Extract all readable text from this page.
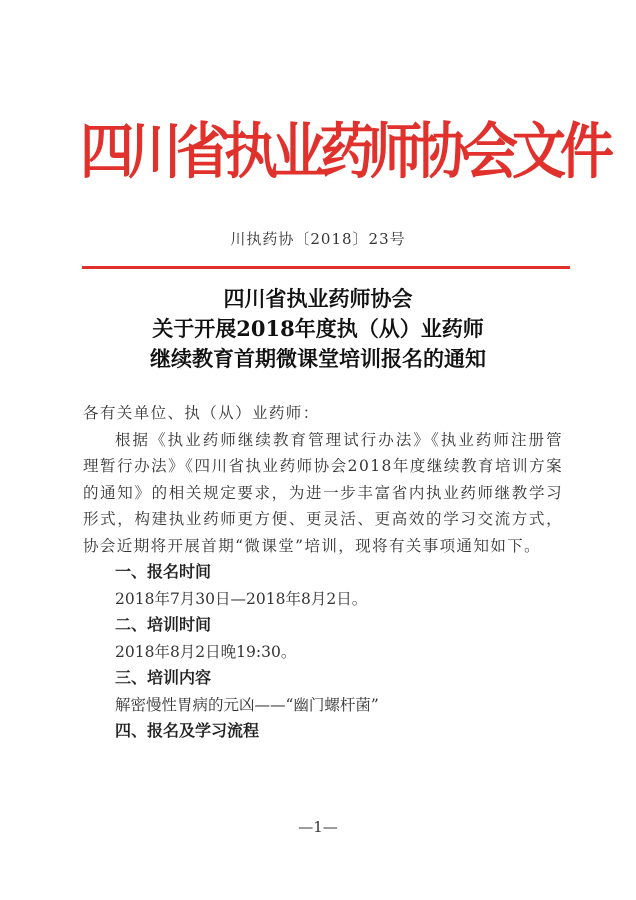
四
川
省
执
业
药
师
协
会
文
件
川执药协〔2018〕23号
四川省执业药师协会
关于开展2018年度执（从）业药师
继续教育首期微课堂培训报名的通知

各有关单位、执（从）业药师：

根据《执业药师继续教育管理试行办法》《执业药师注册管理暂行办法》《四川省执业药师协会2018年度继续教育培训方案的通知》的相关规定要求，为进一步丰富省内执业药师继教学习形式，构建执业药师更方便、更灵活、更高效的学习交流方式，协会近期将开展首期“微课堂”培训，现将有关事项通知如下。

一、报名时间

2018年7月30日—2018年8月2日。

二、培训时间

2018年8月2日晚19:30。

三、培训内容

解密慢性胃病的元凶——“幽门螺杆菌”

四、报名及学习流程

—1—
